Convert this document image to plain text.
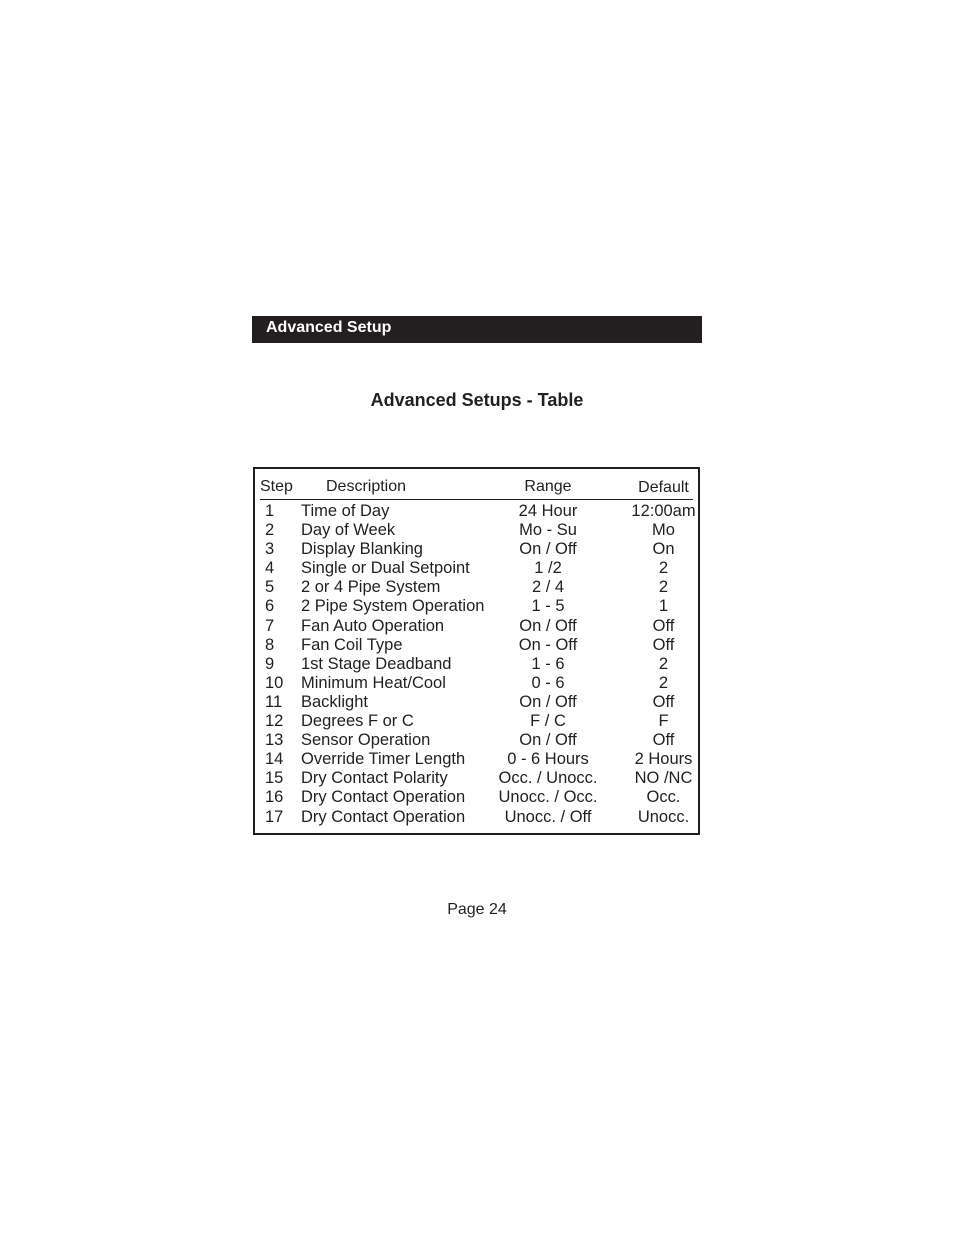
Advanced Setup
Advanced Setups - Table
Step Description	Range	Default
1	Time of Day	24 Hour	12:00am
2	Day of Week	Mo - Su	Mo
3	Display Blanking	On / Off	On
4	Single or Dual Setpoint	1 /2	2
5	2 or 4 Pipe System	2 / 4	2
6	2 Pipe System Operation	1 - 5	1
7	Fan Auto Operation	On / Off	Off
8	Fan Coil Type	On - Off	Off
9	1st Stage Deadband	1 - 6	2
10	Minimum Heat/Cool	0 - 6	2
11	Backlight	On / Off	Off
12	Degrees F or C	F / C	F
13	Sensor Operation	On / Off	Off
14	Override Timer Length	0 - 6 Hours	2 Hours
15	Dry Contact Polarity	Occ. / Unocc.	NO /NC
16	Dry Contact Operation	Unocc. / Occ.	Occ.
17	Dry Contact Operation	Unocc. / Off	Unocc.
Page 24
